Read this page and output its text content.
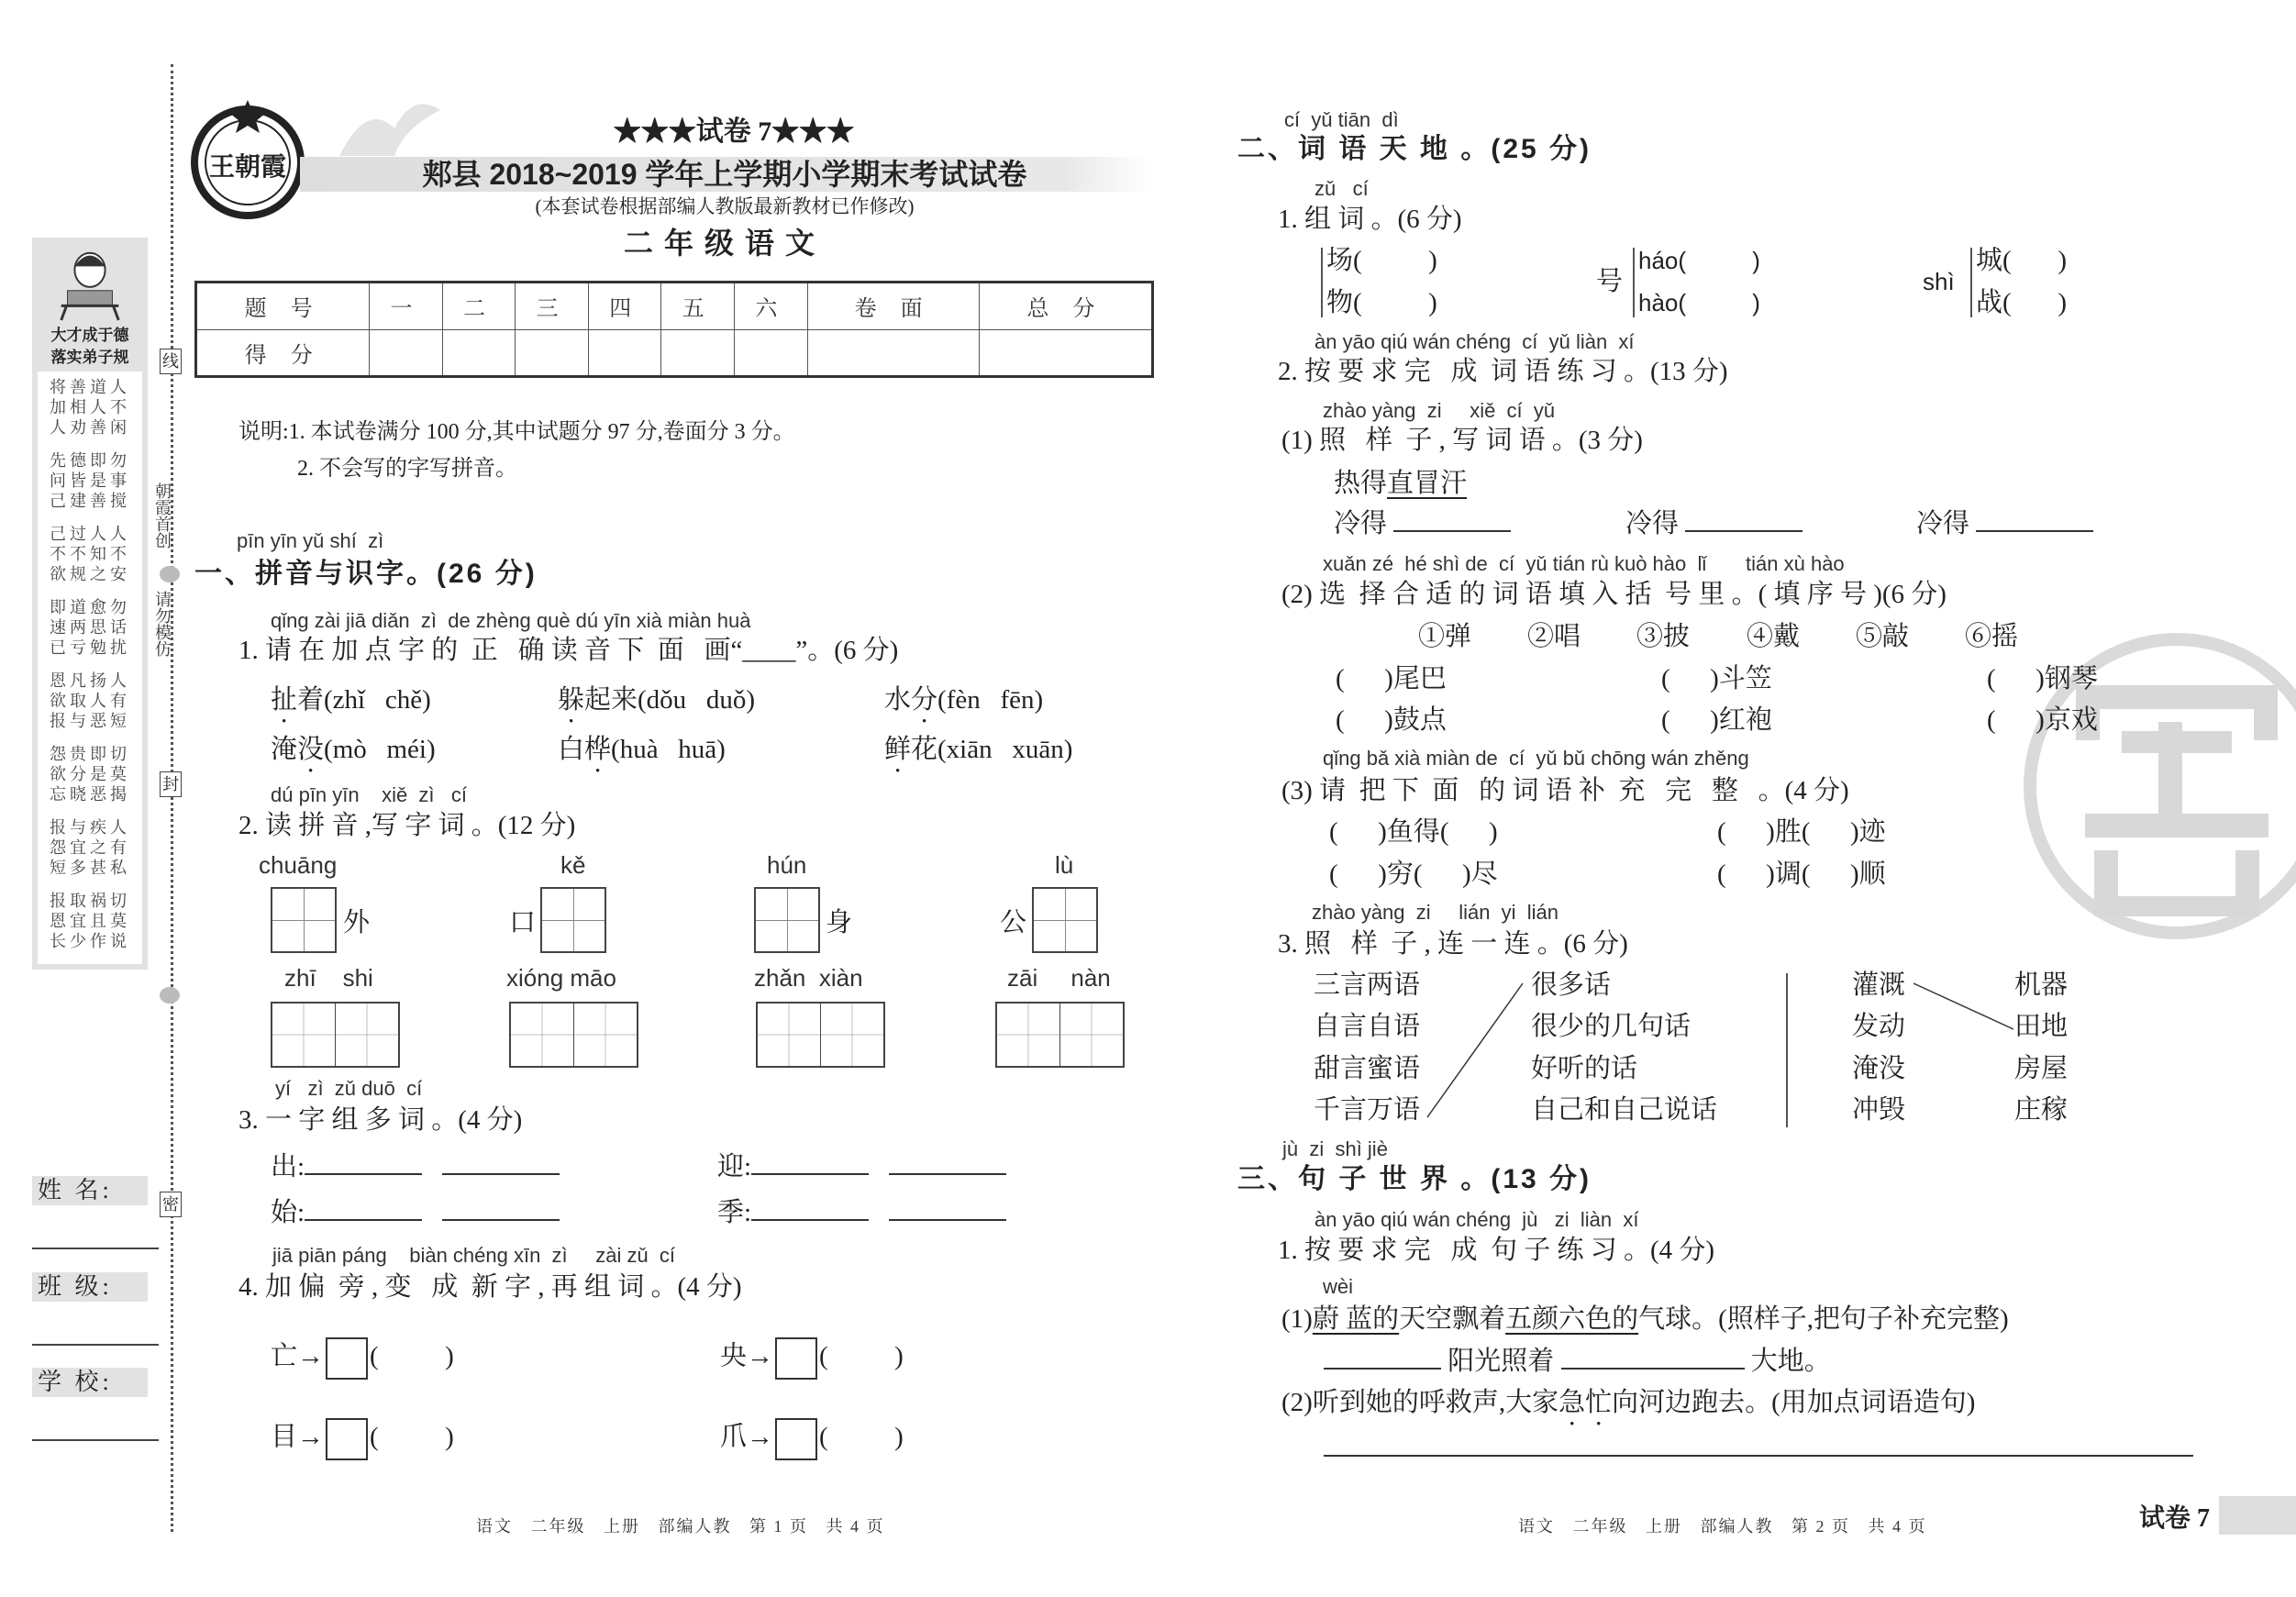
线
封
密
朝霞首创
请勿模仿
大才成于德
落实弟子规
将善道人
加相人不
人劝善闲
先德即勿
问皆是事
己建善搅
己过人人
不不知不
欲规之安
即道愈勿
速两思话
已亏勉扰
恩凡扬人
欲取人有
报与恶短
怨贵即切
欲分是莫
忘晓恶揭
报与疾人
怨宜之有
短多甚私
报取祸切
恩宜且莫
长少作说
姓 名:
班 级:
学 校:
王朝霞
★★★试卷 7★★★
郏县 2018~2019 学年上学期小学期末考试试卷
(本套试卷根据部编人教版最新教材已作修改)
二年级语文
题 号	一	二	三	四	五	六	卷 面	总 分
得 分								
说明:1. 本试卷满分 100 分,其中试题分 97 分,卷面分 3 分。
2. 不会写的字写拼音。
pīn yīn yǔ shí  zì
一、拼音与识字。(26 分)
qǐng zài jiā diǎn  zì  de zhèng què dú yīn xià miàn huà
1. 请 在 加 点 字 的  正   确 读 音 下  面   画“____”。(6 分)
扯着(zhǐ   chě)	躲起来(dǒu   duǒ)	水分(fèn   fēn)
淹没(mò   méi)	白桦(huà   huā)	鲜花(xiān   xuān)
dú pīn yīn    xiě  zì   cí
2. 读 拼 音 ,写 字 词 。(12 分)
chuāng	kě	hún	lù
外	口	身	公
zhī    shi	xióng māo	zhǎn  xiàn	zāi     nàn
yí   zì  zǔ duō  cí
3. 一 字 组 多 词 。(4 分)
出:	迎:
始:	季:
jiā piān páng    biàn chéng xīn  zì     zài zǔ  cí
4. 加 偏  旁 , 变   成  新 字 , 再 组 词 。(4 分)
亡→ (          )	央→ (          )
目→ (          )	爪→ (          )
语文   二年级   上册   部编人教   第 1 页   共 4 页
cí  yǔ tiān  dì
二、词 语 天 地 。(25 分)
zǔ   cí
1. 组 词 。(6 分)
场(          )
物(          )
号
háo(          )
hào(          )
shì
城(       )
战(       )
àn yāo qiú wán chéng  cí  yǔ liàn  xí
2. 按 要 求 完   成  词 语 练 习 。(13 分)
zhào yàng  zi     xiě  cí  yǔ
(1) 照   样  子 , 写 词 语 。(3 分)
热得直冒汗
冷得	冷得	冷得
xuǎn zé  hé shì de  cí  yǔ tián rù kuò hào  lǐ       tián xù hào
(2) 选  择 合 适 的 词 语 填 入 括  号 里 。( 填 序 号 )(6 分)
①弹 ②唱 ③披 ④戴 ⑤敲 ⑥摇
(      )尾巴	(      )斗笠	(      )钢琴
(      )鼓点	(      )红袍	(      )京戏
qǐng bǎ xià miàn de  cí  yǔ bǔ chōng wán zhěng
(3) 请  把 下  面   的 词 语 补  充   完   整   。(4 分)
(      )鱼得(      )	(      )胜(      )迹
(      )穷(      )尽	(      )调(      )顺
zhào yàng  zi     lián  yi  lián
3. 照   样  子 , 连 一 连 。(6 分)
三言两语
自言自语
甜言蜜语
千言万语
很多话
很少的几句话
好听的话
自己和自己说话
灌溉
发动
淹没
冲毁
机器
田地
房屋
庄稼
jù  zi  shì jiè
三、句 子 世 界 。(13 分)
àn yāo qiú wán chéng  jù   zi  liàn  xí
1. 按 要 求 完   成  句 子 练 习 。(4 分)
wèi
(1)蔚 蓝的天空飘着五颜六色的气球。(照样子,把句子补充完整)
阳光照着	大地。
(2)听到她的呼救声,大家急忙向河边跑去。(用加点词语造句)
语文   二年级   上册   部编人教   第 2 页   共 4 页	试卷 7
